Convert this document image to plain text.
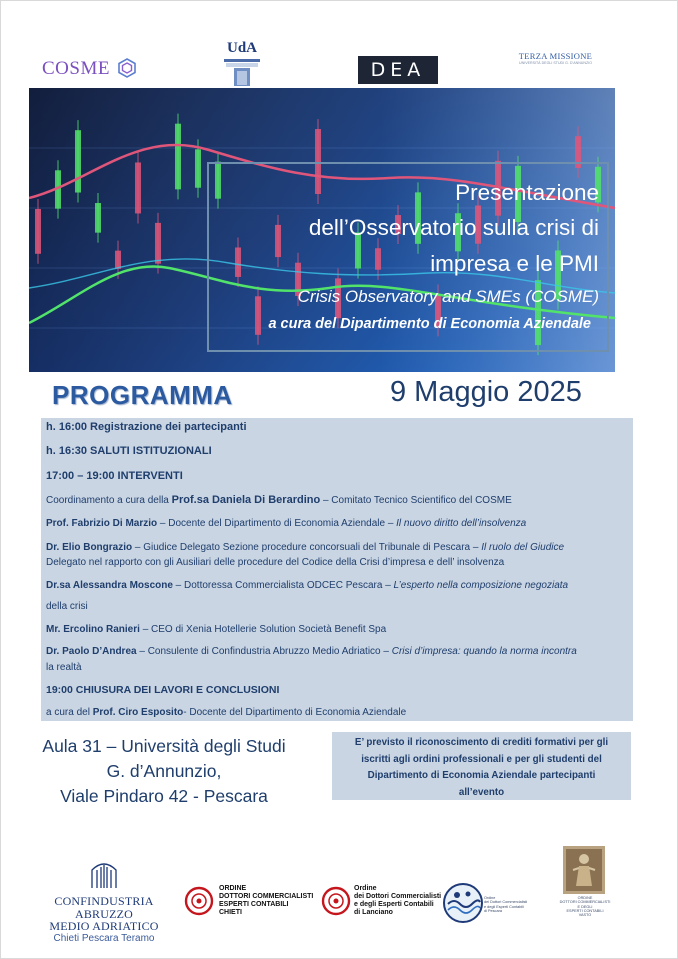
COSME
UdA
DEA
TERZA MISSIONE
UNIVERSITÀ DEGLI STUDI G. D'ANNUNZIO
Presentazione
dell’Osservatorio sulla crisi di
impresa e le PMI
Crisis Observatory and SMEs (COSME)
a cura del Dipartimento di Economia Aziendale
PROGRAMMA	9 Maggio 2025
h. 16:00 Registrazione dei partecipanti
h. 16:30 SALUTI ISTITUZIONALI
17:00 – 19:00 INTERVENTI
Coordinamento a cura della Prof.sa Daniela Di Berardino – Comitato Tecnico Scientifico del COSME
Prof. Fabrizio Di Marzio – Docente del Dipartimento di Economia Aziendale – Il nuovo diritto dell’insolvenza
Dr. Elio Bongrazio – Giudice Delegato Sezione procedure concorsuali del Tribunale di Pescara – Il ruolo del Giudice
Delegato nel rapporto con gli Ausiliari delle procedure del Codice della Crisi d’impresa e dell’ insolvenza
Dr.sa Alessandra Moscone – Dottoressa Commercialista ODCEC Pescara – L’esperto nella composizione negoziata
della crisi
Mr. Ercolino Ranieri – CEO di Xenia Hotellerie Solution Società Benefit Spa
Dr. Paolo D’Andrea – Consulente di Confindustria Abruzzo Medio Adriatico – Crisi d’impresa: quando la norma incontra
la realtà
19:00 CHIUSURA DEI LAVORI E CONCLUSIONI
a cura del Prof. Ciro Esposito- Docente del Dipartimento di Economia Aziendale
Aula 31 – Università degli Studi
G. d’Annunzio,
Viale Pindaro 42 - Pescara
E’ previsto il riconoscimento di crediti formativi per gli
iscritti agli ordini professionali e per gli studenti del
Dipartimento di Economia Aziendale partecipanti
all’evento
CONFINDUSTRIA ABRUZZO
MEDIO ADRIATICO
Chieti Pescara Teramo
ORDINE
DOTTORI COMMERCIALISTI
ESPERTI CONTABILI
CHIETI
Ordine
dei Dottori Commercialisti
e degli Esperti Contabili
di Lanciano
Ordine
dei Dottori Commercialisti
e degli Esperti Contabili
di Pescara
ORDINE
DOTTORI COMMERCIALISTI
E DEGLI
ESPERTI CONTABILI
VASTO
